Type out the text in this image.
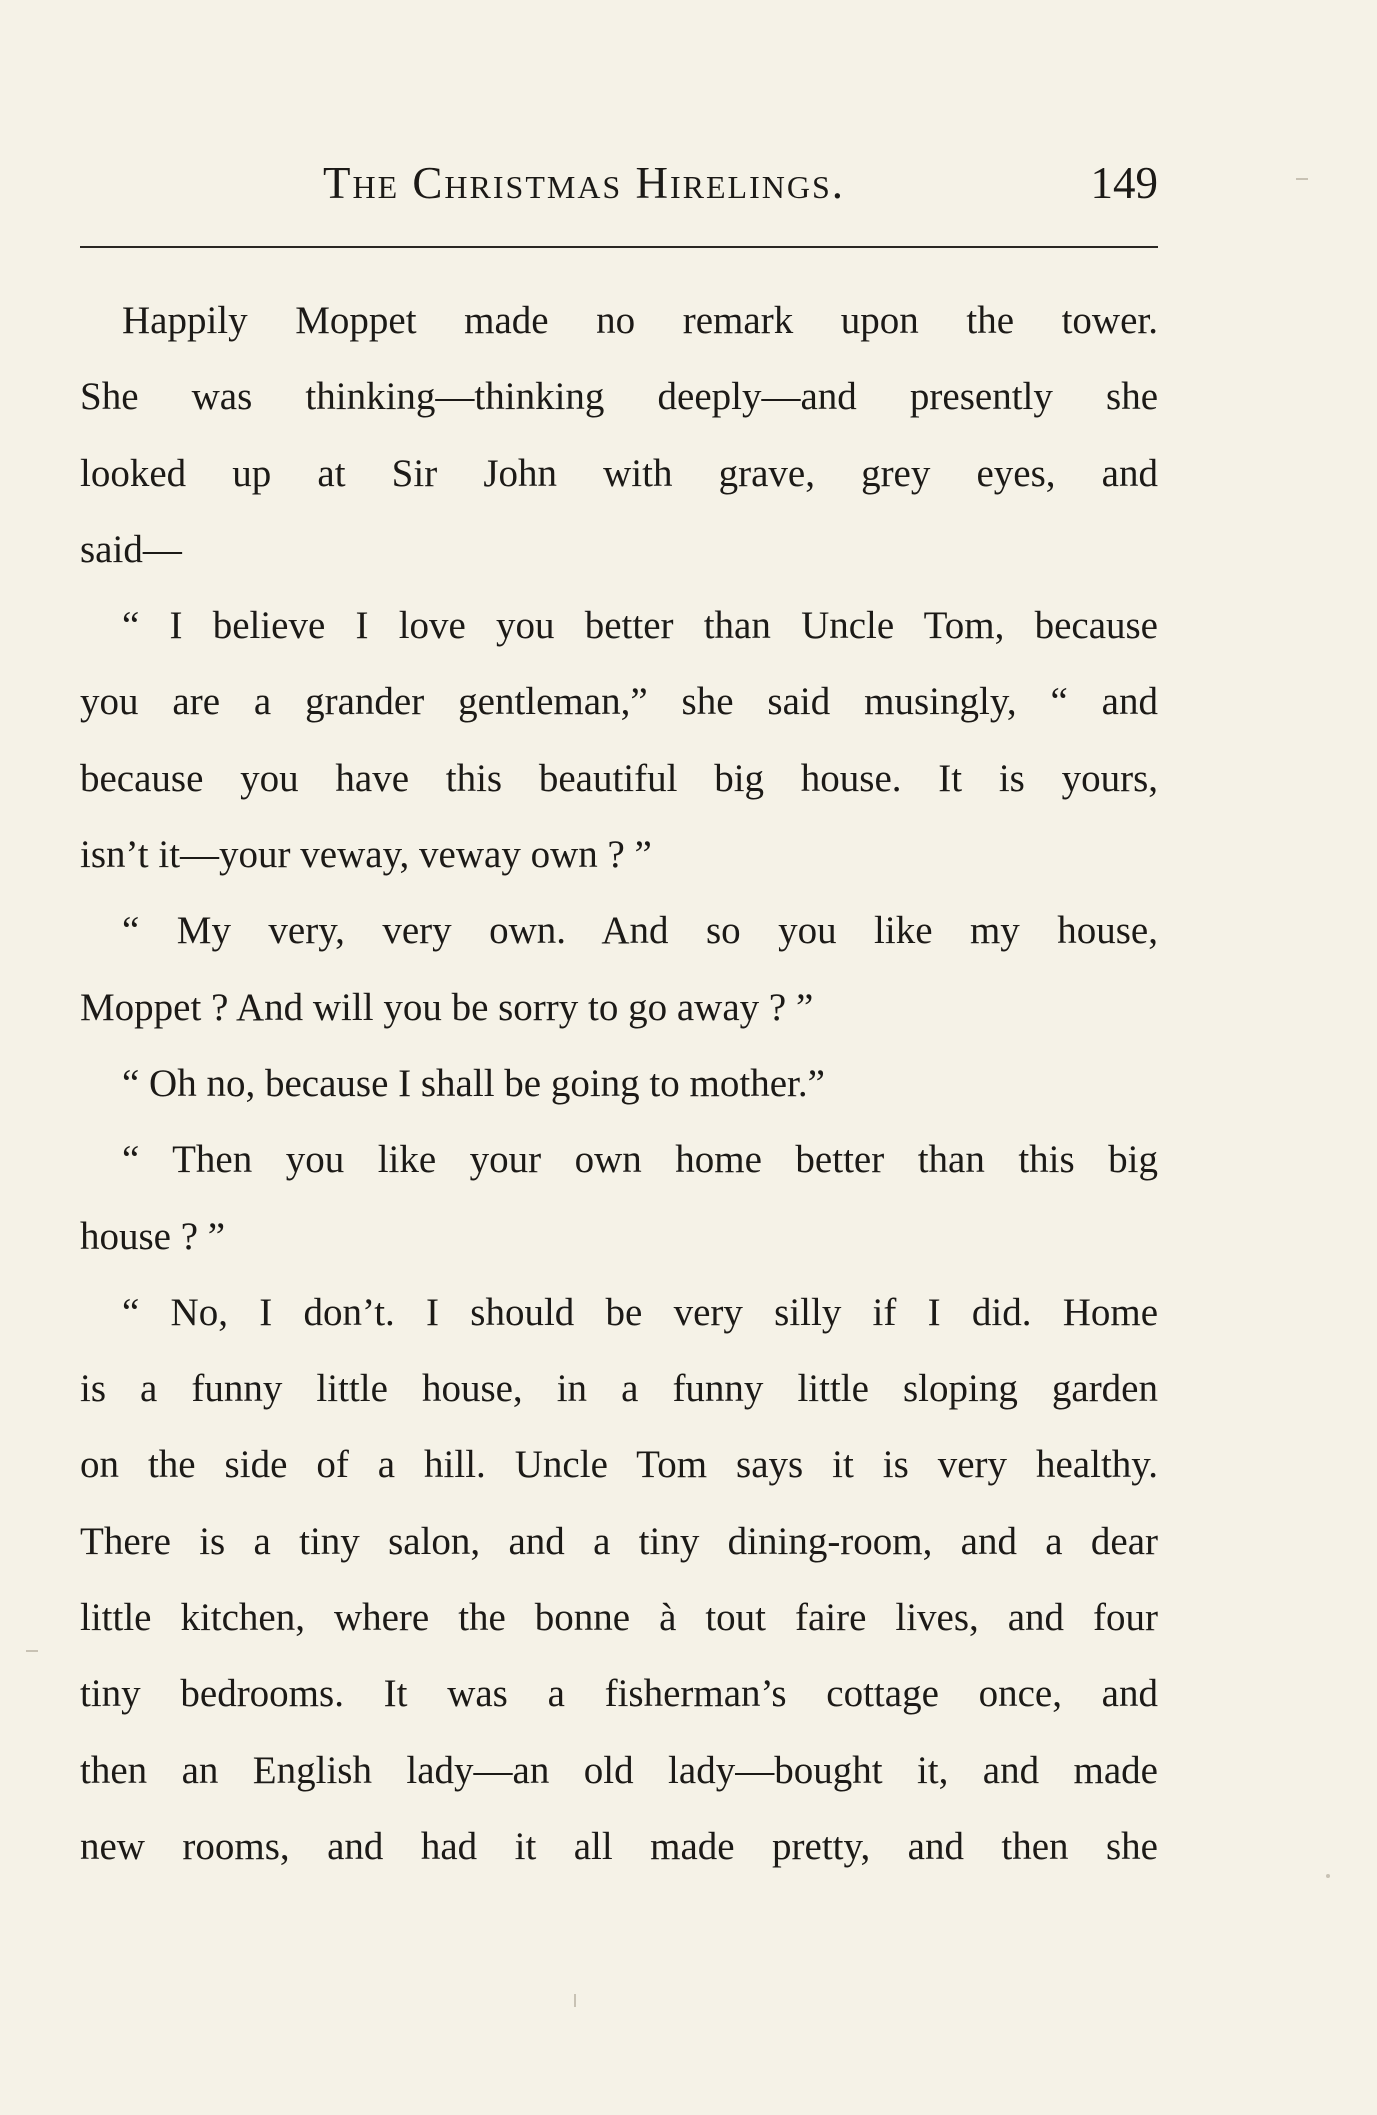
The Christmas Hirelings.	149
Happily Moppet made no remark upon the tower.
She was thinking—thinking deeply—and presently she
looked up at Sir John with grave, grey eyes, and
said—
“ I believe I love you better than Uncle Tom, because
you are a grander gentleman,” she said musingly, “ and
because you have this beautiful big house. It is yours,
isn’t it—your veway, veway own ? ”
“ My very, very own. And so you like my house,
Moppet ? And will you be sorry to go away ? ”
“ Oh no, because I shall be going to mother.”
“ Then you like your own home better than this big
house ? ”
“ No, I don’t. I should be very silly if I did. Home
is a funny little house, in a funny little sloping garden
on the side of a hill. Uncle Tom says it is very healthy.
There is a tiny salon, and a tiny dining-room, and a dear
little kitchen, where the bonne à tout faire lives, and four
tiny bedrooms. It was a fisherman’s cottage once, and
then an English lady—an old lady—bought it, and made
new rooms, and had it all made pretty, and then she
